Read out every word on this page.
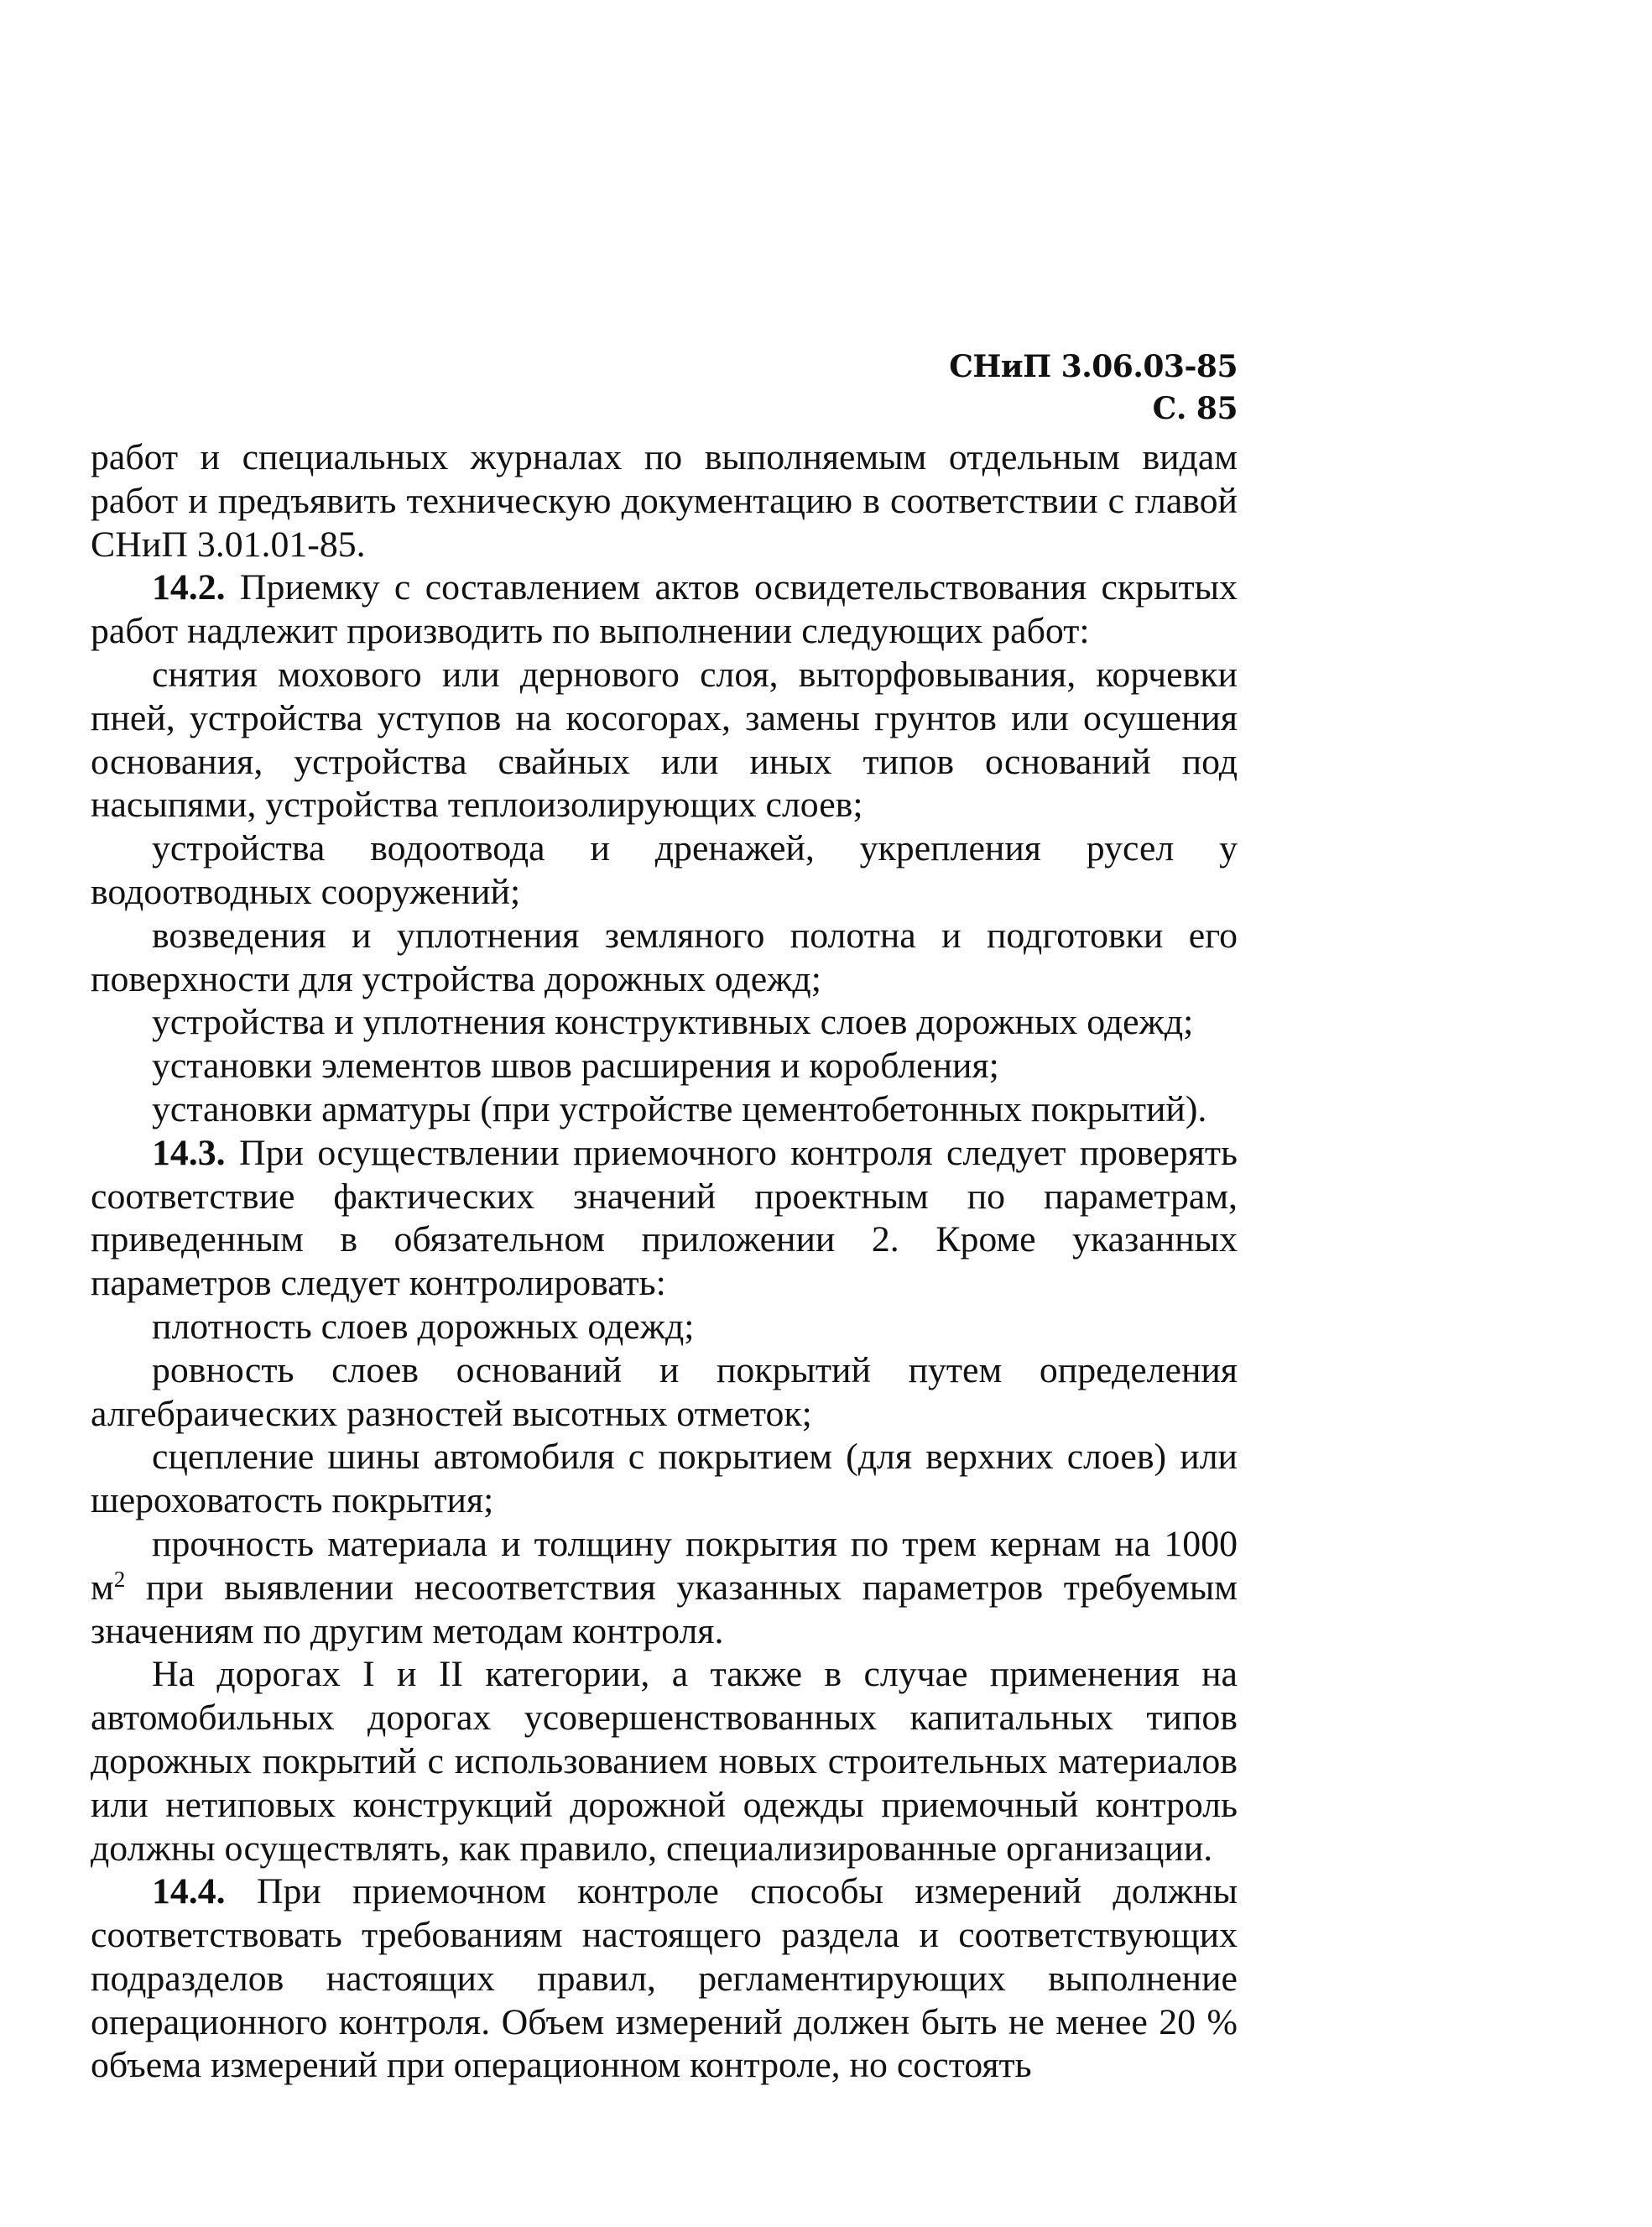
СНиП 3.06.03-85 С. 85

работ и специальных журналах по выполняемым отдельным видам работ и предъявить техническую документацию в соответствии с главой СНиП 3.01.01-85.

14.2. Приемку с составлением актов освидетельствования скрытых работ надлежит производить по выполнении следующих работ:

снятия мохового или дернового слоя, выторфовывания, корчевки пней, устройства уступов на косогорах, замены грунтов или осушения основания, устройства свайных или иных типов оснований под насыпями, устройства теплоизолирующих слоев;

устройства водоотвода и дренажей, укрепления русел у водоотводных сооружений;

возведения и уплотнения земляного полотна и подготовки его поверхности для устройства дорожных одежд;

устройства и уплотнения конструктивных слоев дорожных одежд;

установки элементов швов расширения и коробления;

установки арматуры (при устройстве цементобетонных покрытий).

14.3. При осуществлении приемочного контроля следует проверять соответствие фактических значений проектным по параметрам, приведенным в обязательном приложении 2. Кроме указанных параметров следует контролировать:

плотность слоев дорожных одежд;

ровность слоев оснований и покрытий путем определения алгебраических разностей высотных отметок;

сцепление шины автомобиля с покрытием (для верхних слоев) или шероховатость покрытия;

прочность материала и толщину покрытия по трем кернам на 1000 $м^2$ при выявлении несоответствия указанных параметров требуемым значениям по другим методам контроля.

На дорогах I и II категории, а также в случае применения на автомобильных дорогах усовершенствованных капитальных типов дорожных покрытий с использованием новых строительных материалов или нетиповых конструкций дорожной одежды приемочный контроль должны осуществлять, как правило, специализированные организации.

14.4. При приемочном контроле способы измерений должны соответствовать требованиям настоящего раздела и соответствующих подразделов настоящих правил, регламентирующих выполнение операционного контроля. Объем измерений должен быть не менее 20 % объема измерений при операционном контроле, но состоять
